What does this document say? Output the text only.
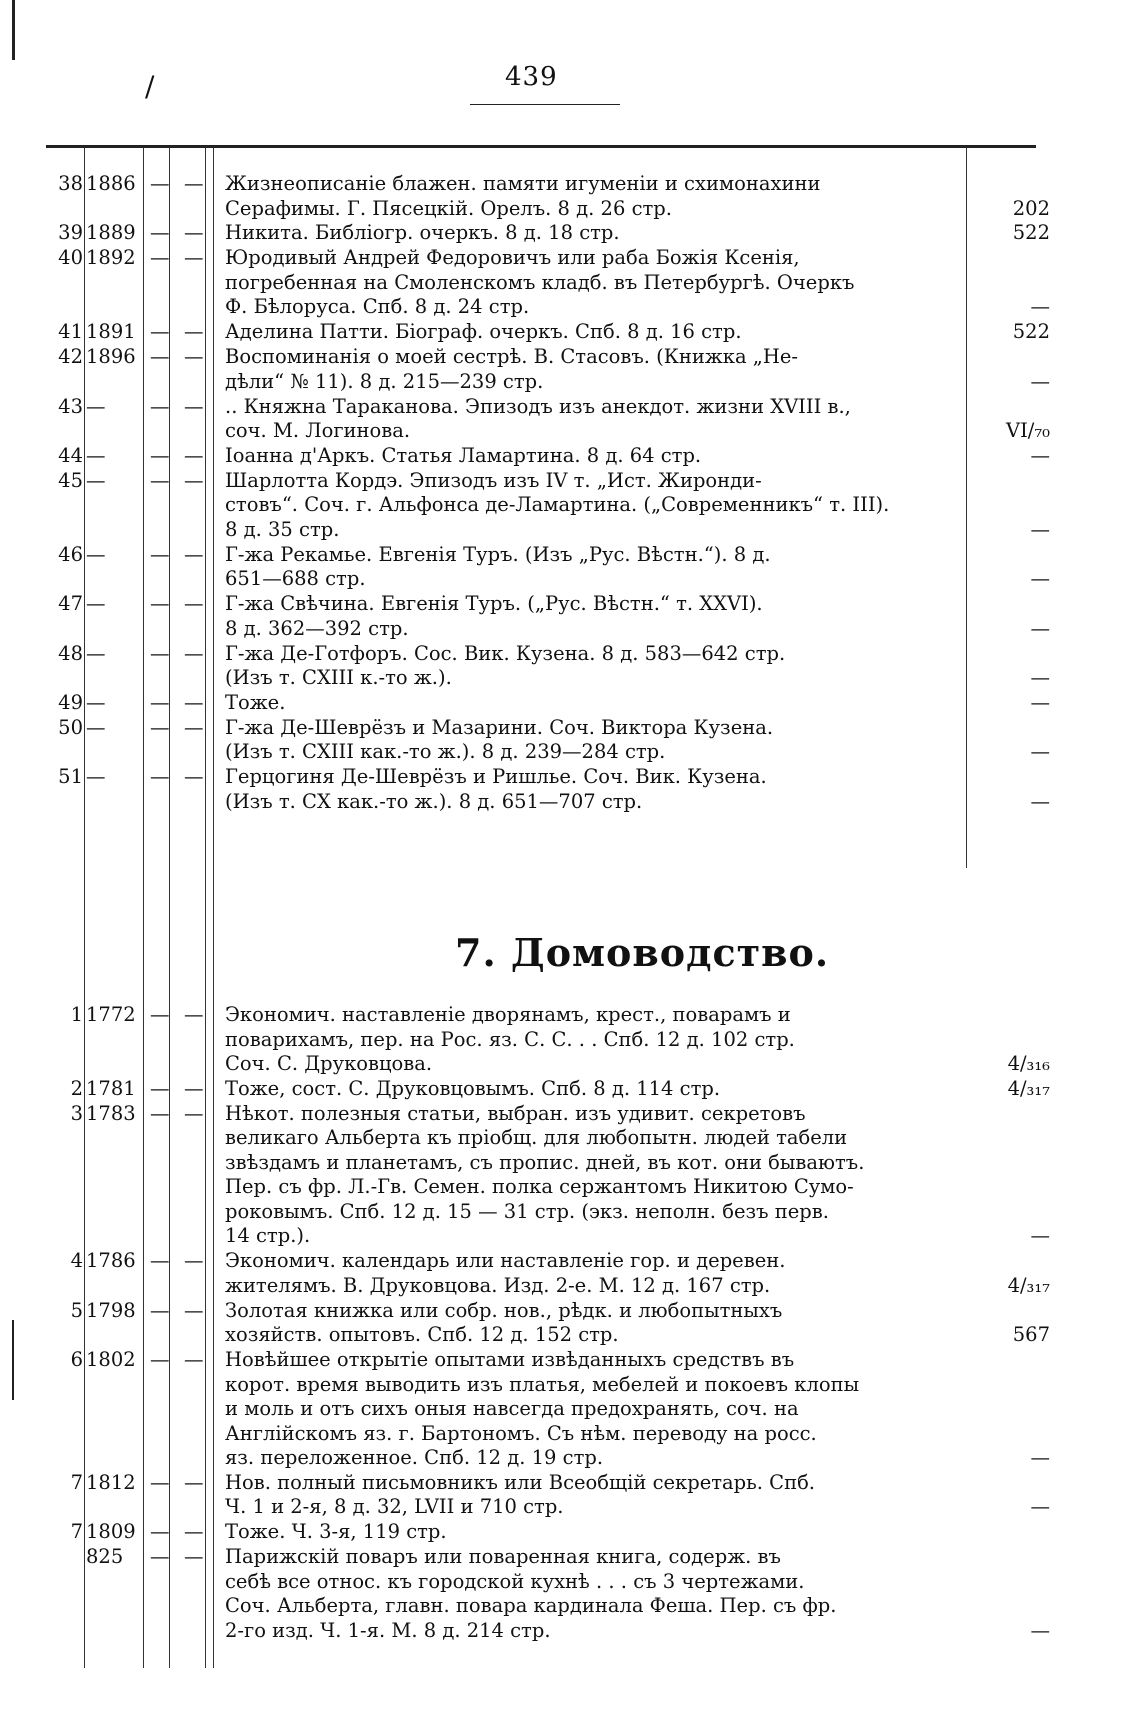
/	439
38 1886 — — Жизнеописаніе блажен. памяти игуменіи и схимонахини
Серафимы. Г. Пясецкій. Орелъ. 8 д. 26 стр.	202
39 1889 — — Никита. Библіогр. очеркъ. 8 д. 18 стр.	522
40 1892 — — Юродивый Андрей Федоровичъ или раба Божія Ксенія,
погребенная на Смоленскомъ кладб. въ Петербургѣ. Очеркъ
Ф. Бѣлоруса. Спб. 8 д. 24 стр.	—
41 1891 — — Аделина Патти. Біограф. очеркъ. Спб. 8 д. 16 стр.	522
42 1896 — — Воспоминанія о моей сестрѣ. В. Стасовъ. (Книжка „Не-
дѣли“ № 11). 8 д. 215—239 стр.	—
43 —	— — .. Княжна Тараканова. Эпизодъ изъ анекдот. жизни XVIII в.,
соч. М. Логинова.	VI/₇₀
44 —	— — Іоанна д'Аркъ. Статья Ламартина. 8 д. 64 стр.	—
45 —	— — Шарлотта Кордэ. Эпизодъ изъ IV т. „Ист. Жиронди-
стовъ“. Соч. г. Альфонса де-Ламартина. („Современникъ“ т. III).
8 д. 35 стр.	—
46 —	— — Г-жа Рекамье. Евгенія Туръ. (Изъ „Рус. Вѣстн.“). 8 д.
651—688 стр.	—
47 —	— — Г-жа Свѣчина. Евгенія Туръ. („Рус. Вѣстн.“ т. XXVI).
8 д. 362—392 стр.	—
48 —	— — Г-жа Де-Готфоръ. Сос. Вик. Кузена. 8 д. 583—642 стр.
(Изъ т. CXIII к.-то ж.).	—
49 —	— — Тоже.	—
50 —	— — Г-жа Де-Шеврёзъ и Мазарини. Соч. Виктора Кузена.
(Изъ т. CXIII как.-то ж.). 8 д. 239—284 стр.	—
51 —	— — Герцогиня Де-Шеврёзъ и Ришлье. Соч. Вик. Кузена.
(Изъ т. CX как.-то ж.). 8 д. 651—707 стр.	—
7. Домоводство.
1 1772 — — Экономич. наставленіе дворянамъ, крест., поварамъ и
поварихамъ, пер. на Рос. яз. С. С. . . Спб. 12 д. 102 стр.
Соч. С. Друковцова.	4/₃₁₆
2 1781 — — Тоже, сост. С. Друковцовымъ. Спб. 8 д. 114 стр.	4/₃₁₇
3 1783 — — Нѣкот. полезныя статьи, выбран. изъ удивит. секретовъ
великаго Альберта къ пріобщ. для любопытн. людей табели
звѣздамъ и планетамъ, съ пропис. дней, въ кот. они бываютъ.
Пер. съ фр. Л.-Гв. Семен. полка сержантомъ Никитою Сумо-
роковымъ. Спб. 12 д. 15 — 31 стр. (экз. неполн. безъ перв.
14 стр.).	—
4 1786 — — Экономич. календарь или наставленіе гор. и деревен.
жителямъ. В. Друковцова. Изд. 2-е. М. 12 д. 167 стр.	4/₃₁₇
5 1798 — — Золотая книжка или собр. нов., рѣдк. и любопытныхъ
хозяйств. опытовъ. Спб. 12 д. 152 стр.	567
6 1802 — — Новѣйшее открытіе опытами извѣданныхъ средствъ въ
корот. время выводить изъ платья, мебелей и покоевъ клопы
и моль и отъ сихъ оныя навсегда предохранять, соч. на
Англійскомъ яз. г. Бартономъ. Съ нѣм. переводу на росс.
яз. переложенное. Спб. 12 д. 19 стр.	—
7 1812 — — Нов. полный письмовникъ или Всеобщій секретарь. Спб.
Ч. 1 и 2-я, 8 д. 32, LVII и 710 стр.	—
7 1809 — — Тоже. Ч. 3-я, 119 стр.
825	— — Парижскій поваръ или поваренная книга, содерж. въ
себѣ все относ. къ городской кухнѣ . . . съ 3 чертежами.
Соч. Альберта, главн. повара кардинала Феша. Пер. съ фр.
2-го изд. Ч. 1-я. М. 8 д. 214 стр.	—
